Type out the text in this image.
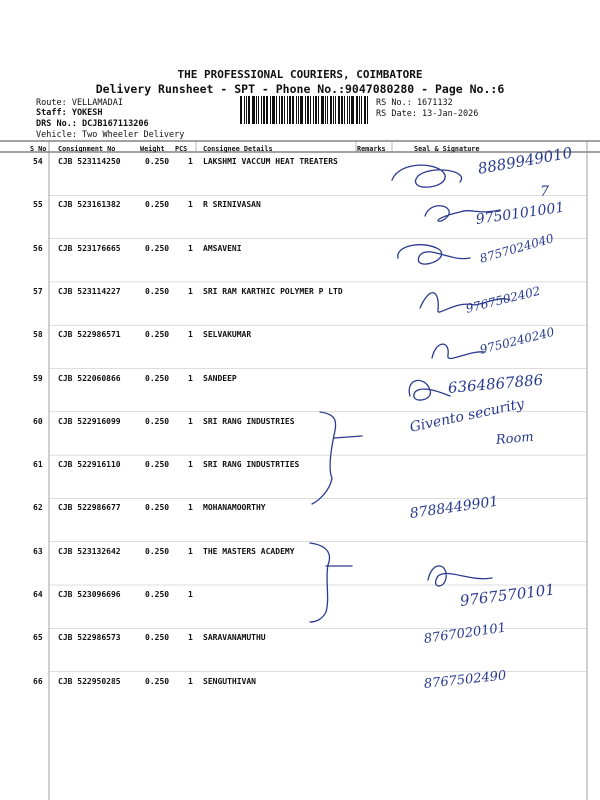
THE PROFESSIONAL COURIERS, COIMBATORE
Delivery Runsheet - SPT - Phone No.:9047080280 - Page No.:6
Route: VELLAMADAI
Staff: YOKESH
DRS No.: DCJB167113206
Vehicle: Two Wheeler Delivery
RS No.: 1671132
RS Date: 13-Jan-2026
S No Consignment No	Weight PCS Consignee Details	Remarks	Seal & Signature
54 CJB 523114250	0.250 1 LAKSHMI VACCUM HEAT TREATERS
55 CJB 523161382	0.250 1 R SRINIVASAN
56 CJB 523176665	0.250 1 AMSAVENI
57 CJB 523114227	0.250 1 SRI RAM KARTHIC POLYMER P LTD
58 CJB 522986571	0.250 1 SELVAKUMAR
59 CJB 522060866	0.250 1 SANDEEP
60 CJB 522916099	0.250 1 SRI RANG INDUSTRIES
61 CJB 522916110	0.250 1 SRI RANG INDUSTRTIES
62 CJB 522986677	0.250 1 MOHANAMOORTHY
63 CJB 523132642	0.250 1 THE MASTERS ACADEMY
64 CJB 523096696	0.250 1
65 CJB 522986573	0.250 1 SARAVANAMUTHU
66 CJB 522950285	0.250 1 SENGUTHIVAN
8889949010
7
9750101001
8757024040
9767502402
9750240240
6364867886
Givento security
Room
8788449901
9767570101
8767020101
8767502490
